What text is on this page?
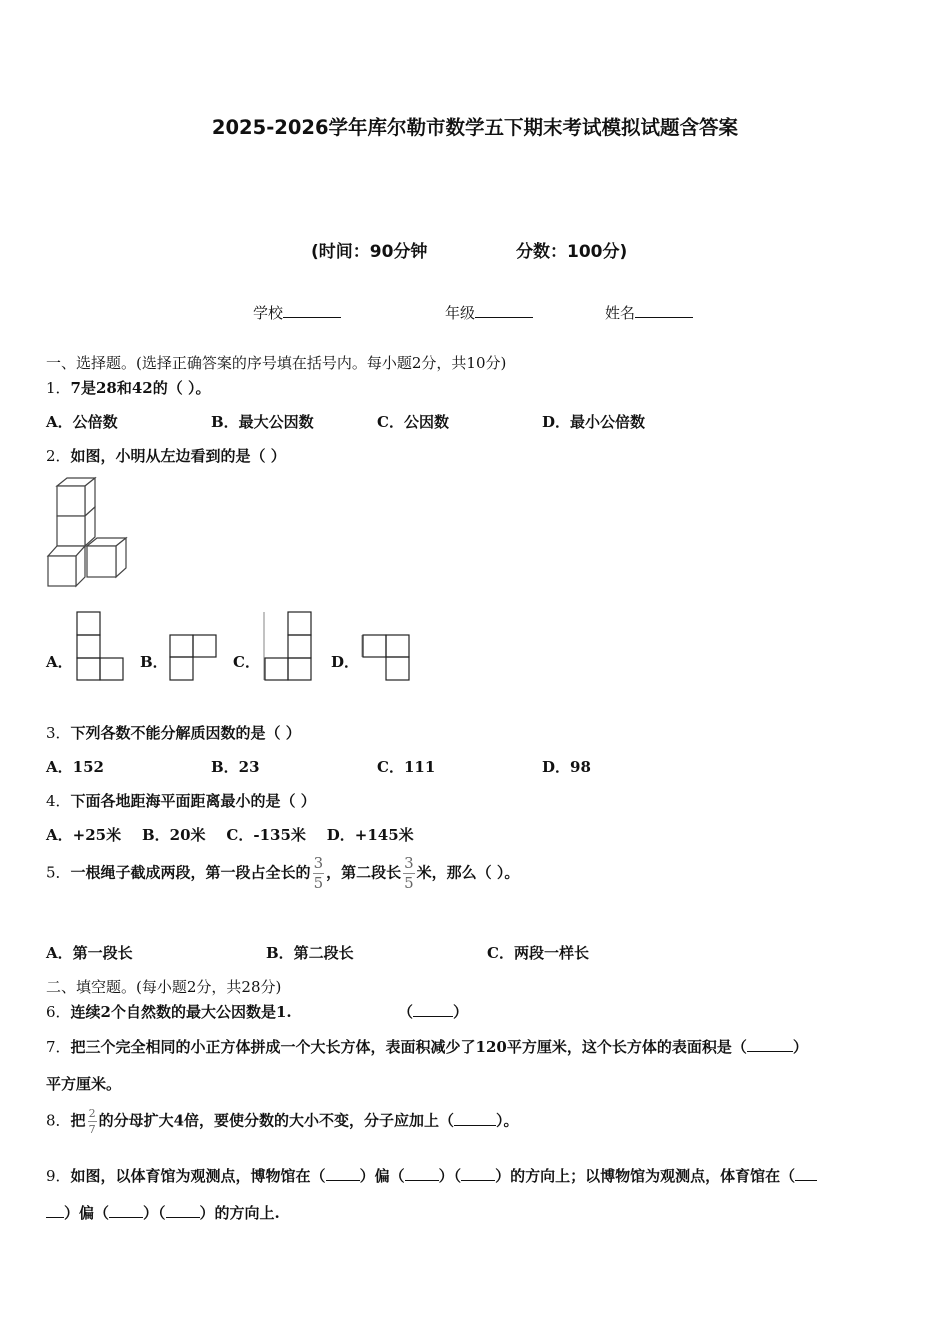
2025-2026学年库尔勒市数学五下期末考试模拟试题含答案
(时间：90分钟	分数：100分)
学校	年级	姓名
一、选择题。(选择正确答案的序号填在括号内。每小题2分，共10分)
1．7是28和42的（ ）。
A．公倍数	B．最大公因数	C．公因数	D．最小公倍数
2．如图，小明从左边看到的是（ ）
A．	B．	C．	D．
3．下列各数不能分解质因数的是（ ）
A．152	B．23	C．111	D．98
4．下面各地距海平面距离最小的是（ ）
A．+25米    B．20米    C．-135米    D．+145米
5．一根绳子截成两段，第一段占全长的 $\frac{3}{5}$ ，第二段长 $\frac{3}{5}$ 米，那么（ ）。
A．第一段长	B．第二段长	C．两段一样长
二、填空题。(每小题2分，共28分)
6．连续2个自然数的最大公因数是1.	（	）
7．把三个完全相同的小正方体拼成一个大长方体，表面积减少了120平方厘米，这个长方体的表面积是（	）
平方厘米。
8．把 $\frac{2}{7}$ 的分母扩大4倍，要使分数的大小不变，分子应加上（	）。
9．如图，以体育馆为观测点，博物馆在（ ）偏（ ）（ ）的方向上；以博物馆为观测点，体育馆在（
）偏（ ）（ ）的方向上.
